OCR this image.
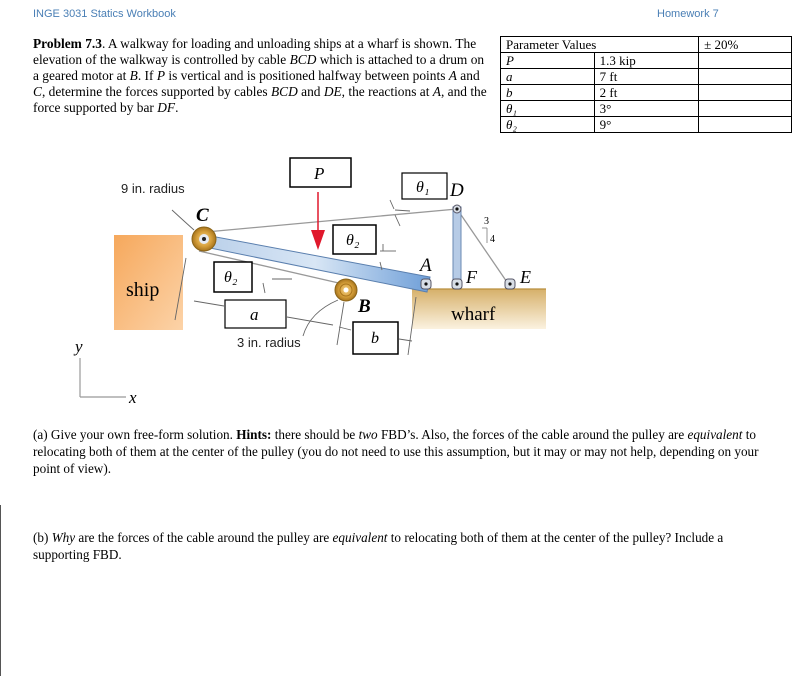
INGE 3031 Statics Workbook	Homework 7
Problem 7.3. A walkway for loading and unloading ships at a wharf is shown. The elevation of the walkway is controlled by cable BCD which is attached to a drum on a geared motor at B. If P is vertical and is positioned halfway between points A and C, determine the forces supported by cables BCD and DE, the reactions at A, and the force supported by bar DF.
Parameter Values		± 20%
P	1.3 kip	
a	7 ft	
b	2 ft	
θ₁	3°	
θ₂	9°	
ship
wharf
P
θ₁
θ₂
θ₂
a
b
3
4
C
D
A
F E
B
9 in. radius
3 in. radius
y
x
(a) Give your own free-form solution. Hints: there should be two FBD’s. Also, the forces of the cable around the pulley are equivalent to relocating both of them at the center of the pulley (you do not need to use this assumption, but it may or may not help, depending on your point of view).
(b) Why are the forces of the cable around the pulley are equivalent to relocating both of them at the center of the pulley? Include a supporting FBD.
